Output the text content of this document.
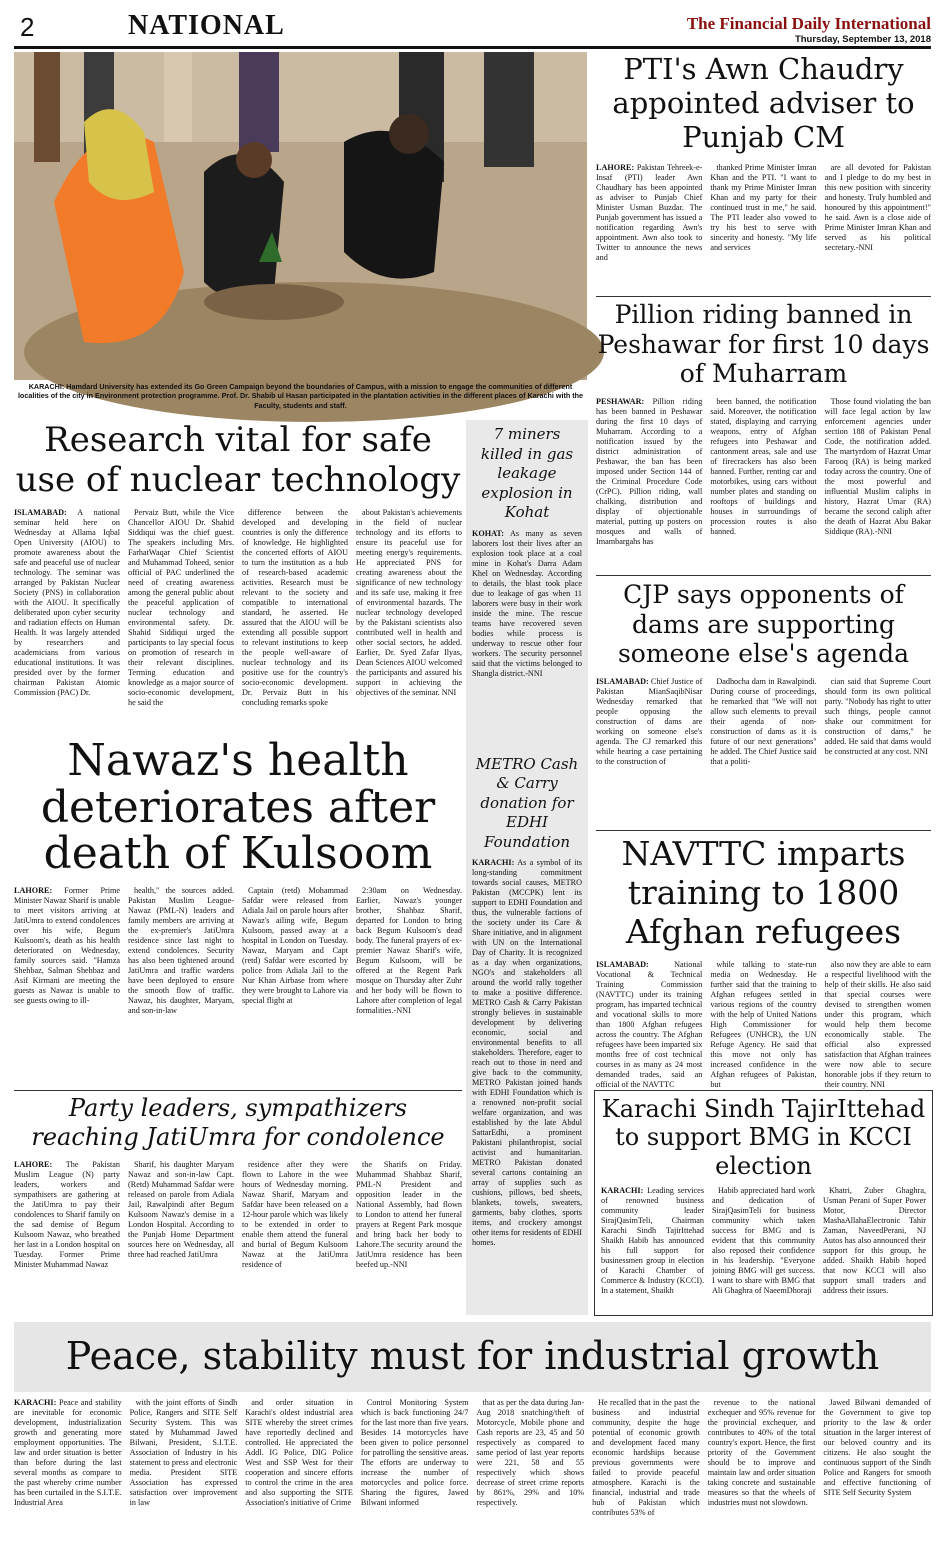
2	NATIONAL	The Financial Daily International
Thursday, September 13, 2018
KARACHI: Hamdard University has extended its Go Green Campaign beyond the boundaries of Campus, with a mission to engage the communities of different localities of the city in Environment protection programme. Prof. Dr. Shabib ul Hasan participated in the plantation activities in the different places of Karachi with the Faculty, students and staff.
PTI's Awn Chaudry appointed adviser to Punjab CM

LAHORE: Pakistan Tehreek-e-Insaf (PTI) leader Awn Chaudhary has been appointed as adviser to Punjab Chief Minister Usman Buzdar. The Punjab government has issued a notification regarding Awn's appointment. Awn also took to Twitter to announce the news and

thanked Prime Minister Imran Khan and the PTI. "I want to thank my Prime Minister Imran Khan and my party for their continued trust in me," he said. The PTI leader also vowed to try his best to serve with sincerity and honesty. "My life and services

are all devoted for Pakistan and I pledge to do my best in this new position with sincerity and honesty. Truly humbled and honoured by this appointment!" he said. Awn is a close aide of Prime Minister Imran Khan and served as his political secretary.-NNI

Pillion riding banned in Peshawar for first 10 days of Muharram

PESHAWAR: Pillion riding has been banned in Peshawar during the first 10 days of Muharram. According to a notification issued by the district administration of Peshawar, the ban has been imposed under Section 144 of the Criminal Procedure Code (CrPC). Pillion riding, wall chalking, distribution and display of objectionable material, putting up posters on mosques and walls of Imambargahs has

been banned, the notification said. Moreover, the notification stated, displaying and carrying weapons, entry of Afghan refugees into Peshawar and cantonment areas, sale and use of firecrackers has also been banned. Further, renting car and motorbikes, using cars without number plates and standing on rooftops of buildings and houses in surroundings of procession routes is also banned.

Those found violating the ban will face legal action by law enforcement agencies under section 188 of Pakistan Penal Code, the notification added. The martyrdom of Hazrat Umar Farooq (RA) is being marked today across the country. One of the most powerful and influential Muslim caliphs in history, Hazrat Umar (RA) became the second caliph after the death of Hazrat Abu Bakar Siddique (RA).-NNI

CJP says opponents of dams are supporting someone else's agenda

ISLAMABAD: Chief Justice of Pakistan MianSaqibNisar Wednesday remarked that people opposing the construction of dams are working on someone else's agenda. The CJ remarked this while hearing a case pertaining to the construction of

Dadhocha dam in Rawalpindi. During course of proceedings, he remarked that "We will not allow such elements to prevail their agenda of non-construction of dams as it is future of our next generations" he added. The Chief Justice said that a politi-

cian said that Supreme Court should form its own political party. "Nobody has right to utter such things, people cannot shake our commitment for construction of dams," he added. He said that dams would be constructed at any cost. NNI

NAVTTC imparts training to 1800 Afghan refugees

ISLAMABAD:	National Vocational & Technical Training Commission (NAVTTC) under its training program, has imparted technical and vocational skills to more than 1800 Afghan refugees across the country. The Afghan refugees have been imparted six months free of cost technical courses in as many as 24 most demanded trades, said an official of the NAVTTC

while talking to state-run media on Wednesday. He further said that the training to Afghan refugees settled in various regions of the country with the help of United Nations High Commissioner for Refugees (UNHCR), the UN Refuge Agency. He said that this move not only has increased confidence in the Afghan refugees of Pakistan, but

also now they are able to earn a respectful livelihood with the help of their skills. He also said that special courses were devised to strengthen women under this program, which would help them become economically stable. The official also expressed satisfaction that Afghan trainees were now able to secure honorable jobs if they return to their country. NNI

Karachi Sindh TajirIttehad to support BMG in KCCI election

KARACHI: Leading services of renowned business community leader SirajQasimTeli, Chairman Karachi Sindh TajirIttehad Shaikh Habib has announced his full support for businessmen group in election of Karachi Chamber of Commerce & Industry (KCCI). In a statement, Shaikh

Habib appreciated hard work and dedication of SirajQasimTeli for business community which taken success for BMG and is evident that this community also reposed their confidence in his leadership. "Everyone joining BMG will get success. I want to share with BMG that Ali Ghaghra of NaeemDhoraji

Khatri, Zuber Ghaghra, Usman Perani of Super Power Motor, Director MashaAllahaElectronic Tahir Zaman, NaveedPerani, NJ Autos has also announced their support for this group, he added. Shaikh Habib hoped that now KCCI will also support small traders and address their issues.

Research vital for safe use of nuclear technology

ISLAMABAD: A national seminar held here on Wednesday at Allama Iqbal Open University (AIOU) to promote awareness about the safe and peaceful use of nuclear technology. The seminar was arranged by Pakistan Nuclear Society (PNS) in collaboration with the AIOU. It specifically deliberated upon cyber security and radiation effects on Human Health. It was largely attended by researchers and academicians from various educational institutions. It was presided over by the former chairman Pakistan Atomic Commission (PAC) Dr.

Pervaiz Butt, while the Vice Chancellor AIOU Dr. Shahid Siddiqui was the chief guest. The speakers including Mrs. FarhatWaqar Chief Scientist and Muhammad Toheed, senior official of PAC underlined the need of creating awareness among the general public about the peaceful application of nuclear technology and environmental safety. Dr. Shahid Siddiqui urged the participants to lay special focus on promotion of research in their relevant disciplines. Terming education and knowledge as a major source of socio-economic development, he said the

difference between the developed and developing countries is only the difference of knowledge. He highlighted the concerted efforts of AIOU to turn the institution as a hub of research-based academic activities. Research must be relevant to the society and compatible to international standard, he asserted. He assured that the AIOU will be extending all possible support to relevant institutions to keep the people well-aware of nuclear technology and its positive use for the country's socio-economic development. Dr. Pervaiz Butt in his concluding remarks spoke

about Pakistan's achievements in the field of nuclear technology and its efforts to ensure its peaceful use for meeting energy's requirements. He appreciated PNS for creating awareness about the significance of new technology and its safe use, making it free of environmental hazards. The nuclear technology developed by the Pakistani scientists also contributed well in health and other social sectors, he added. Earlier, Dr. Syed Zafar Ilyas, Dean Sciences AIOU welcomed the participants and assured his support in achieving the objectives of the seminar. NNI

7 miners killed in gas leakage explosion in Kohat

KOHAT: As many as seven laborers lost their lives after an explosion took place at a coal mine in Kohat's Darra Adam Khel on Wednesday. According to details, the blast took place due to leakage of gas when 11 laborers were busy in their work inside the mine. The rescue teams have recovered seven bodies while process is underway to rescue other four workers. The security personnel said that the victims belonged to Shangla district.-NNI

METRO Cash & Carry donation for EDHI Foundation

KARACHI: As a symbol of its long-standing commitment towards social causes, METRO Pakistan (MCCPK) lent its support to EDHI Foundation and thus, the vulnerable factions of the society under its Care & Share initiative, and in alignment with UN on the International Day of Charity. It is recognized as a day when organizations, NGO's and stakeholders all around the world rally together to make a positive difference. METRO Cash & Carry Pakistan strongly believes in sustainable development by delivering economic, social and environmental benefits to all stakeholders. Therefore, eager to reach out to those in need and give back to the community, METRO Pakistan joined hands with EDHI Foundation which is a renowned non-profit social welfare organization, and was established by the late Abdul SattarEdhi, a prominent Pakistani philanthropist, social activist and humanitarian. METRO Pakistan donated several cartons containing an array of supplies such as cushions, pillows, bed sheets, blankets, towels, sweaters, garments, baby clothes, sports items, and crockery amongst other items for residents of EDHI homes.

Nawaz's health deteriorates after death of Kulsoom

LAHORE: Former Prime Minister Nawaz Sharif is unable to meet visitors arriving at JatiUmra to extend condolences over his wife, Begum Kulsoom's, death as his health deteriorated on Wednesday, family sources said. "Hamza Shehbaz, Salman Shehbaz and Asif Kirmani are meeting the guests as Nawaz is unable to see guests owing to ill-

health," the sources added. Pakistan Muslim League-Nawaz (PML-N) leaders and family members are arriving at the ex-premier's JatiUmra residence since last night to extend condolences. Security has also been tightened around JatiUmra and traffic wardens have been deployed to ensure the smooth flow of traffic. Nawaz, his daughter, Maryam, and son-in-law

Captain (retd) Mohammad Safdar were released from Adiala Jail on parole hours after Nawaz's ailing wife, Begum Kulsoom, passed away at a hospital in London on Tuesday. Nawaz, Maryam and Capt (retd) Safdar were escorted by police from Adiala Jail to the Nur Khan Airbase from where they were brought to Lahore via special flight at

2:30am on Wednesday. Earlier, Nawaz's younger brother, Shahbaz Sharif, departed for London to bring back Begum Kulsoom's dead body. The funeral prayers of ex-premier Nawaz Sharif's wife, Begum Kulsoom, will be offered at the Regent Park mosque on Thursday after Zuhr and her body will be flown to Lahore after completion of legal formalities.-NNI

Party leaders, sympathizers reaching JatiUmra for condolence

LAHORE: The Pakistan Muslim League (N) party leaders, workers and sympathisers are gathering at the JatiUmra to pay their condolences to Sharif family on the sad demise of Begum Kulsoom Nawaz, who breathed her last in a London hospital on Tuesday. Former Prime Minister Muhammad Nawaz

Sharif, his daughter Maryam Nawaz and son-in-law Capt. (Retd) Muhammad Safdar were released on parole from Adiala Jail, Rawalpindi after Begum Kulsoom Nawaz's demise in a London Hospital. According to the Punjab Home Department sources here on Wednesday, all three had reached JatiUmra

residence after they were flown to Lahore in the wee hours of Wednesday morning. Nawaz Sharif, Maryam and Safdar have been released on a 12-hour parole which was likely to be extended in order to enable them attend the funeral and burial of Begum Kulsoom Nawaz at the JatiUmra residence of

the Sharifs on Friday. Muhammad Shahbaz Sharif, PML-N President and opposition leader in the National Assembly, had flown to London to attend her funeral prayers at Regent Park mosque and bring back her body to Lahore.The security around the JatiUmra residence has been beefed up.-NNI

Peace, stability must for industrial growth

KARACHI: Peace and stability are inevitable for economic development, industrialization growth and generating more employment opportunities. The law and order situation is better than before during the last several months as compare to the past whereby crime number has been curtailed in the S.I.T.E. Industrial Area

with the joint efforts of Sindh Police, Rangers and SITE Self Security System. This was stated by Muhammad Jawed Bilwani, President, S.I.T.E. Association of Industry in his statement to press and electronic media. President SITE Association has expressed satisfaction over improvement in law

and order situation in Karachi's oldest industrial area SITE whereby the street crimes have reportedly declined and controlled. He appreciated the Addl. IG Police, DIG Police West and SSP West for their cooperation and sincere efforts to control the crime in the area and also supporting the SITE Association's initiative of Crime

Control Monitoring System which is back functioning 24/7 for the last more than five years. Besides 14 motorcycles have been given to police personnel for patrolling the sensitive areas. The efforts are underway to increase the number of motorcycles and police force. Sharing the figures, Jawed Bilwani informed

that as per the data during Jan-Aug 2018 snatching/theft of Motorcycle, Mobile phone and Cash reports are 23, 45 and 50 respectively as compared to same period of last year reports were 221, 58 and 55 respectively which shows decrease of street crime reports by 861%, 29% and 10% respectively.

He recalled that in the past the business and industrial community, despite the huge potential of economic growth and development faced many economic hardships because previous governments were failed to provide peaceful atmosphere. Karachi is the financial, industrial and trade hub of Pakistan which contributes 53% of

revenue to the national exchequer and 95% revenue for the provincial exchequer, and contributes to 40% of the total country's export. Hence, the first priority of the Government should be to improve and maintain law and order situation taking concrete and sustainable measures so that the wheels of industries must not slowdown.

Jawed Bilwani demanded of the Government to give top priority to the law & order situation in the larger interest of our beloved country and its citizens. He also sought the continuous support of the Sindh Police and Rangers for smooth and effective functioning of SITE Self Security System
